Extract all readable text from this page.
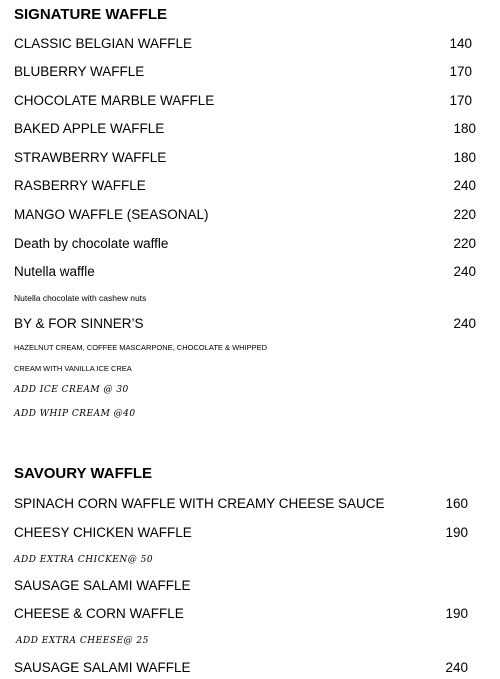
SIGNATURE WAFFLE
CLASSIC BELGIAN WAFFLE	140
BLUBERRY WAFFLE	170
CHOCOLATE MARBLE WAFFLE	170
BAKED APPLE WAFFLE	180
STRAWBERRY WAFFLE	180
RASBERRY WAFFLE	240
MANGO WAFFLE (SEASONAL)	220
Death by chocolate waffle	220
Nutella waffle	240
Nutella chocolate with cashew nuts
BY & FOR SINNER’S	240
HAZELNUT CREAM, COFFEE MASCARPONE, CHOCOLATE & WHIPPED
CREAM WITH VANILLA ICE CREA
ADD ICE CREAM @ 30
ADD WHIP CREAM @40
SAVOURY WAFFLE
SPINACH CORN WAFFLE WITH CREAMY CHEESE SAUCE	160
CHEESY CHICKEN WAFFLE	190
ADD EXTRA CHICKEN@ 50
SAUSAGE SALAMI WAFFLE
CHEESE & CORN WAFFLE	190
ADD EXTRA CHEESE@ 25
SAUSAGE SALAMI WAFFLE	240
